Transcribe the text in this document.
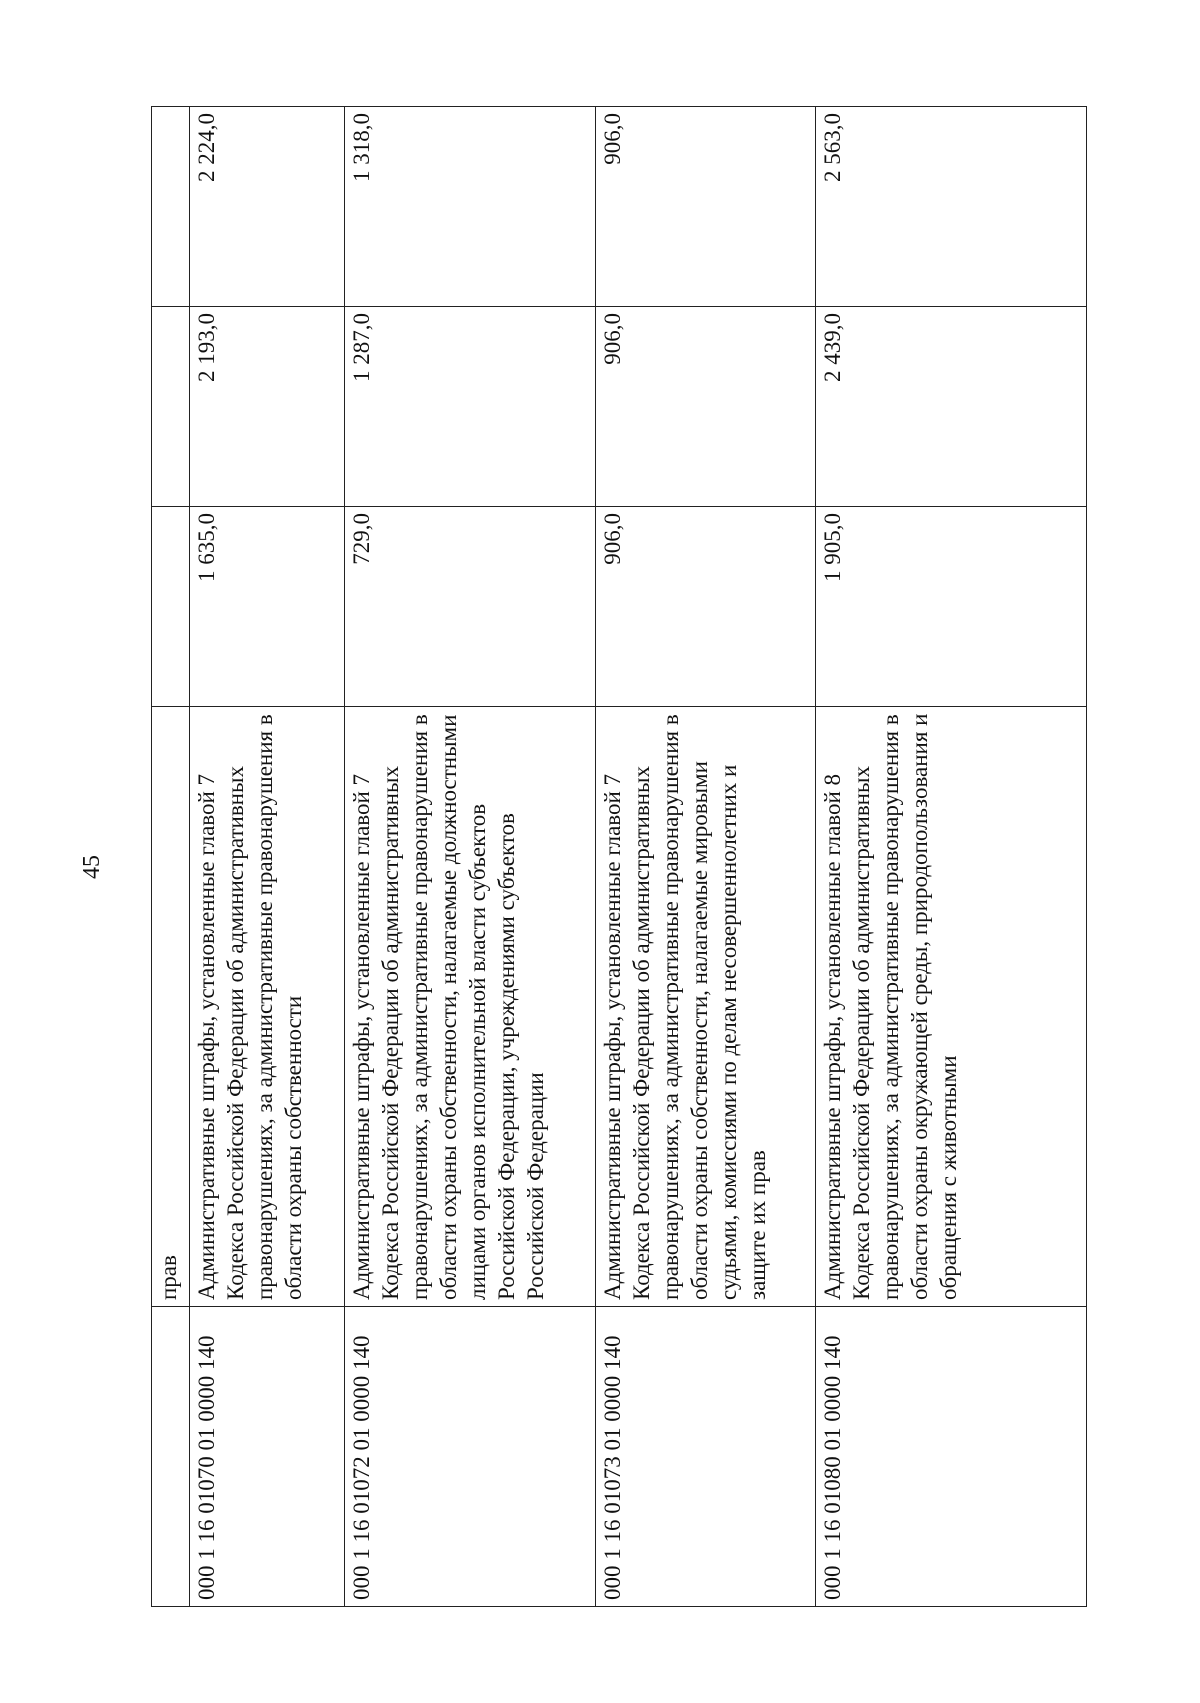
45
	прав			
000 1 16 01070 01 0000 140	Административные штрафы, установленные главой 7 Кодекса Российской Федерации об административных правонарушениях, за административные правонарушения в области охраны собственности	1 635,0	2 193,0	2 224,0
000 1 16 01072 01 0000 140	Административные штрафы, установленные главой 7 Кодекса Российской Федерации об административных правонарушениях, за административные правонарушения в области охраны собственности, налагаемые должностными лицами органов исполнительной власти субъектов Российской Федерации, учреждениями субъектов Российской Федерации	729,0	1 287,0	1 318,0
000 1 16 01073 01 0000 140	Административные штрафы, установленные главой 7 Кодекса Российской Федерации об административных правонарушениях, за административные правонарушения в области охраны собственности, налагаемые мировыми судьями, комиссиями по делам несовершеннолетних и защите их прав	906,0	906,0	906,0
000 1 16 01080 01 0000 140	Административные штрафы, установленные главой 8 Кодекса Российской Федерации об административных правонарушениях, за административные правонарушения в области охраны окружающей среды, природопользования и обращения с животными	1 905,0	2 439,0	2 563,0
